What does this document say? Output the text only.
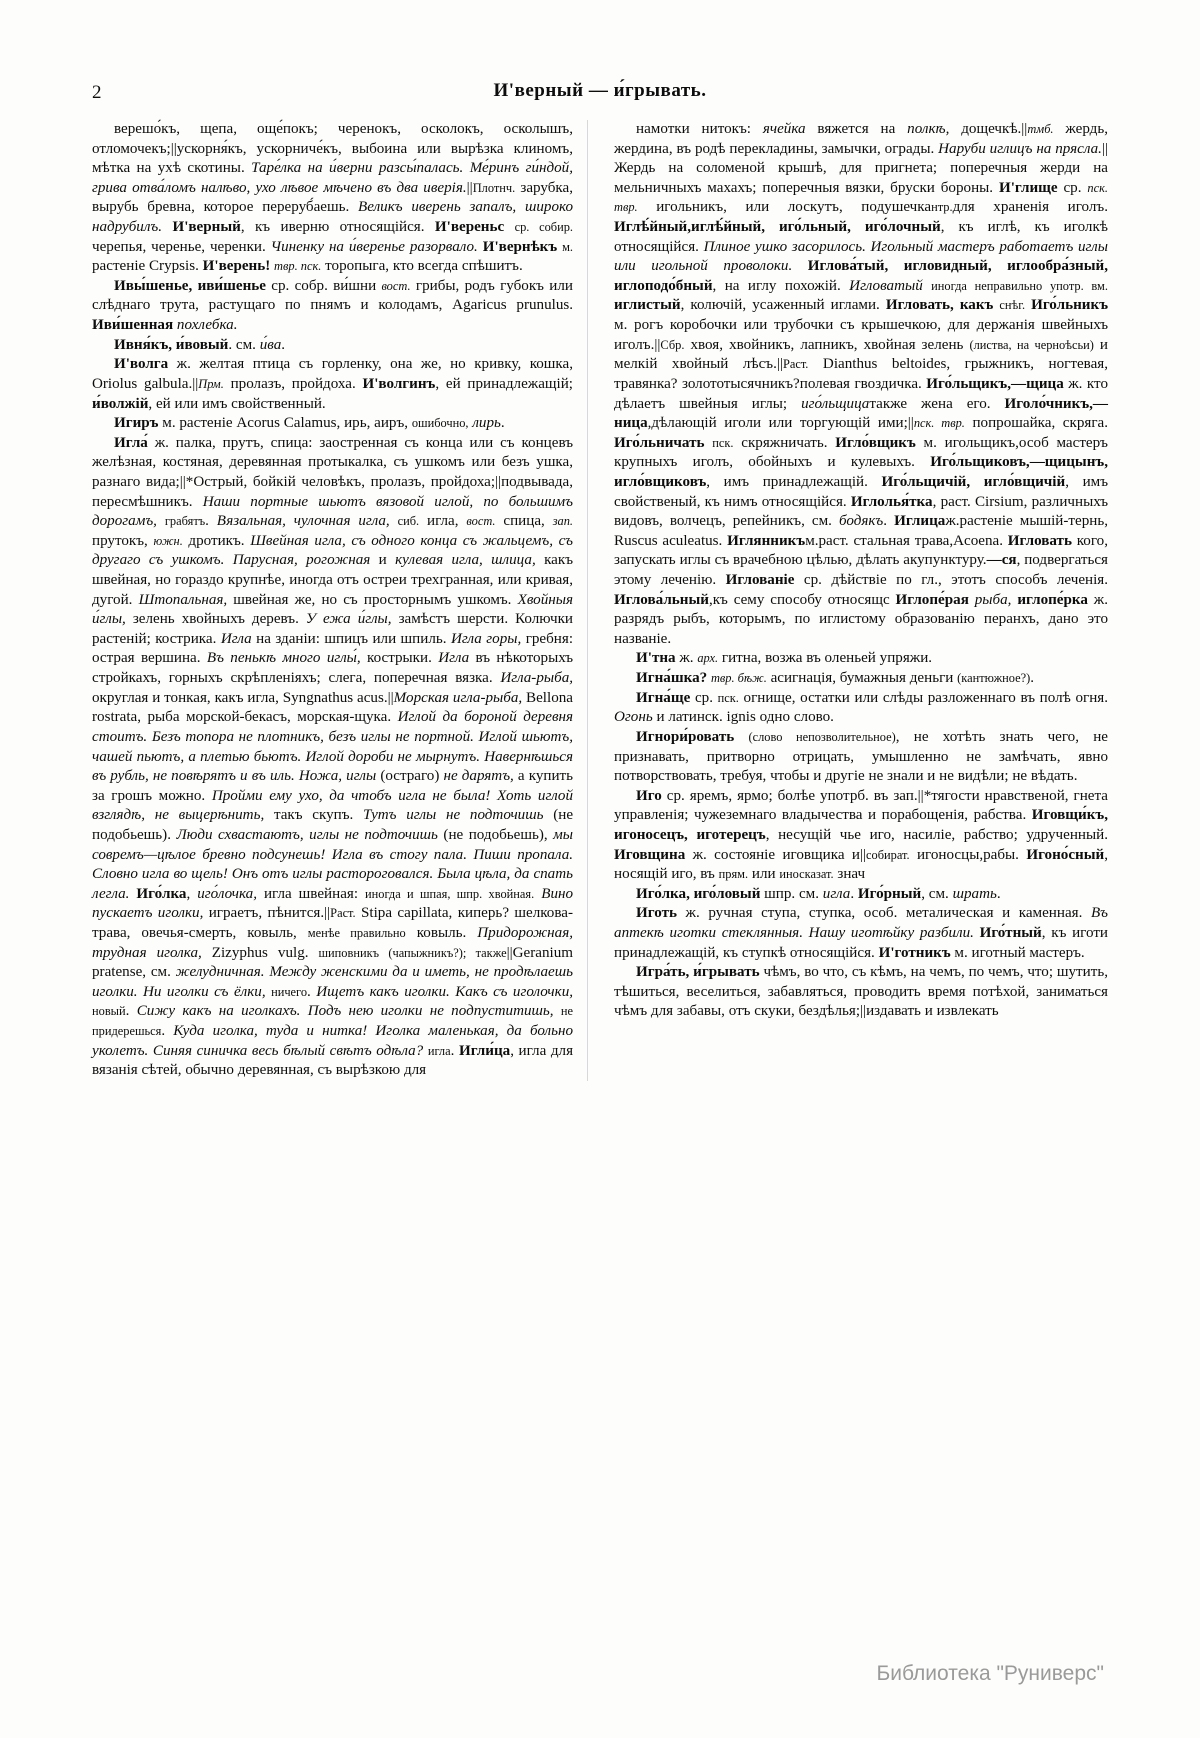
2	И'верный — и́грывать.

верешо́къ, щепа, още́покъ; черенокъ, осколокъ, осколышъ, отломочекъ;||ускорня́къ, ускорниче́къ, выбоина или вырѣзка клиномъ, мѣтка на ухѣ скотины. Таре́лка на и́верни разсы́палась. Ме́ринъ ги́ндой, грива отва́ломъ налѣво, ухо лѣвое мѣчено въ два иверія.||Плотнч. зарубка, вырубь бревна, которое переруб́аешь. Великъ иверень запалъ, широко надрубилъ. И'верный, къ иверню относящійся. И'вереньc ср. собир. черепья, черенье, черенки. Чиненку на и́веренье разорвало. И'вернѣкъ м. растеніе Crypsis. И'верень! твр. пск. торопыга, кто всегда спѣшитъ.

Ивы́шенье, иви́шенье ср. собр. ви́шни вост. грибы, родъ губокъ или слѣднаго трута, растущаго по пнямъ и колодамъ, Agaricus prunulus. Иви́шенная похлебка.

Ивня́къ, и́вовый. см. и́ва.

И'волга ж. желтая птица съ горленку, она же, но кривку, кошка, Oriolus galbula.||Прм. пролазъ, пройдоха. И'волгинъ, ей принадлежащій; и́волжій, ей или имъ свойственный.

Игиръ м. растеніе Acorus Calamus, ирь, аиръ, ошибочно, лирь.

Игла́ ж. палка, прутъ, спица: заостренная съ конца или съ концевъ желѣзная, костяная, деревянная протыкалка, съ ушкомъ или безъ ушка, разнаго вида;||*Острый, бойкій человѣкъ, пролазъ, пройдоха;||подвывада, пересмѣшникъ. Наши портные шьютъ вязовой иглой, по большимъ дорогамъ, грабятъ. Вязальная, чулочная игла, сиб. игла, вост. спица, зап. прутокъ, южн. дротикъ. Швейная игла, съ одного конца съ жальцемъ, съ другаго съ ушкомъ. Парусная, рогожная и кулевая игла, шлица, какъ швейная, но гораздо крупнѣе, иногда отъ остреи трехгранная, или кривая, дугой. Штопальная, швейная же, но съ просторнымъ ушкомъ. Хвойныя и́глы, зелень хвойныхъ деревъ. У ежа и́глы, замѣстъ шерсти. Колючки растеній; кострика. Игла на зданіи: шпицъ или шпиль. Игла горы, гребня: острая вершина. Въ пенькѣ много иглы́, кострыки. Игла въ нѣкоторыхъ стройкахъ, горныхъ скрѣпленіяхъ; слега, поперечная вязка. Игла-рыба, округлая и тонкая, какъ игла, Syngnathus acus.||Морская игла-рыба, Bellona rostrata, рыба морской-бекасъ, морская-щука. Иглой да бороной деревня стоитъ. Безъ топора не плотникъ, безъ иглы не портной. Иглой шьютъ, чашей пьютъ, а плетью бьютъ. Иглой дороби не мырнутъ. Навернѣшься въ рубль, не повѣрятъ и въ иль. Ножа, иглы (остраго) не дарятъ, а купить за грошъ можно. Пройми ему ухо, да чтобъ игла не была! Хоть иглой взглядѣ, не выцерѣнить, такъ скупъ. Тутъ иглы не подточишь (не подобьешь). Люди схвастаютъ, иглы не подточишь (не подобьешь), мы совремъ—цѣлое бревно подсунешь! Игла въ стогу пала. Пиши пропала. Словно игла во щель! Онъ отъ иглы растороговался. Была цѣла, да спать легла. Иго́лка, иго́лочка, игла швейная: иногда и шпая, шпр. хвойная. Вино пускаетъ иголки, играетъ, пѣнится.||Раст. Stipa capillata, киперь? шелкова-трава, овечья-смерть, ковыль, менѣе правильно ковыль. Придорожная, трудная иголка, Zizyphus vulg. шиповникъ (чапыжникъ?); также||Geranium pratense, см. желудничная. Между женскими да и иметь, не продѣлаешь иголки. Ни иголки съ ёлки, ничего. Ищетъ какъ иголки. Какъ съ иголочки, новый. Сижу какъ на иголкахъ. Подъ нею иголки не подпуститишь, не придерешься. Куда иголка, туда и нитка! Иголка маленькая, да больно уколетъ. Синяя синичка весь бѣлый свѣтъ одѣла? игла. Игли́ца, игла для вязанія сѣтей, обычно деревянная, съ вырѣзкою для

намотки нитокъ: ячейка вяжется на полкѣ, дощечкѣ.||тмб. жердь, жердина, въ родѣ перекладины, замычки, ограды. Наруби иглицъ на прясла.||Жердь на соломеной крышѣ, для пригнета; поперечныя жерди на мельничныхъ махахъ; поперечныя вязки, бруски бороны. И'глище ср. пск. твр. игольникъ, или лоскутъ, подушечкантр.для храненія иголъ. Иглѣ́йный,иглѣ́йный, иго́льный, иго́лочный, къ иглѣ, къ иголкѣ относящійся. Плиное ушко засорилось. Игольный мастеръ работаетъ иглы или игольной проволоки. Иглова́тый, игловидный, иглообра́зный, иглоподо́бный, на иглу похожій. Игловатый иногда неправильно употр. вм. иглистый, колючій, усаженный иглами. Игловать, какъ снѣг. Иго́льникъ м. рогъ коробочки или трубочки съ крышечкою, для держанія швейныхъ иголъ.||Сбр. хвоя, хвойникъ, лапникъ, хвойная зелень (листва, на черноѣсьи) и мелкій хвойный лѣсъ.||Раст. Dianthus beltoides, грыжникъ, ногтевая, травянка? золототысячникъ?полевая гвоздичка. Иго́льщикъ,—щица ж. кто дѣлаетъ швейныя иглы; иго́льщицатакже жена его. Иголо́чникъ,—ница,дѣлающій иголи или торгующій ими;||пск. твр. попрошайка, скряга. Иго́льничать пск. скряжничать. Игло́вщикъ м. игольщикъ,особ мастеръ крупныхъ иголъ, обойныхъ и кулевыхъ. Иго́льщиковъ,—щицынъ, игло́вщиковъ, имъ принадлежащій. Иго́льщичій, игло́вщичій, имъ свойственый, къ нимъ относящійся. Иглолья́тка, раст. Cirsium, различныхъ видовъ, волчецъ, репейникъ, см. бодякъ. Иглицаж.растеніе мышій-тернь, Ruscus aculeatus. Иглянникъм.раст. стальная трава,Acoena. Игловать кого, запускать иглы съ врачебною цѣлью, дѣлать акупунктуру.—ся, подвергаться этому леченію. Иглованіе ср. дѣйствіе по гл., этотъ способъ леченія. Иглова́льный,къ сему способу относящс Иглопе́рая рыба, иглопе́рка ж. разрядъ рыбъ, которымъ, по иглистому образованію перанхъ, дано это названіе.

И'тна ж. арх. гитна, возжа въ оленьей упряжи.

Игна́шка? твр. бѣж. асигнація, бумажныя деньги (кантюжное?).

Игна́ще ср. пск. огнище, остатки или слѣды разложеннаго въ полѣ огня. Огонь и латинск. ignis одно слово.

Игнори́ровать (слово непозволительное), не хотѣть знать чего, не признавать, притворно отрицать, умышленно не замѣчать, явно потворствовать, требуя, чтобы и другіе не знали и не видѣли; не вѣдать.

Иго ср. яремъ, ярмо; болѣе употрб. въ зап.||*тягости нравственой, гнета управленія; чужеземнаго владычества и порабощенія, рабства. Иговщи́къ, игоносецъ, иготерецъ, несущій чье иго, насиліе, рабство; удрученный. Иговщина ж. состояніе иговщика и||собират. игоносцы,рабы. Игоно́сный, носящій иго, въ прям. или иносказат. знач

Иго́лка, иго́ловый шпр. см. игла. Иго́рный, см. шрать.

Иготь ж. ручная ступа, ступка, особ. металическая и каменная. Въ аптекѣ иготки стеклянныя. Нашу иготѣйку разбили. Иго́тный, къ иготи принадлежащій, къ ступкѣ относящійся. И'готникъ м. иготный мастеръ.

Игра́ть, и́грывать чѣмъ, во что, съ кѣмъ, на чемъ, по чемъ, что; шутить, тѣшиться, веселиться, забавляться, проводить время потѣхой, заниматься чѣмъ для забавы, отъ скуки, бездѣлья;||издавать и извлекать

Библиотека "Руниверс"
